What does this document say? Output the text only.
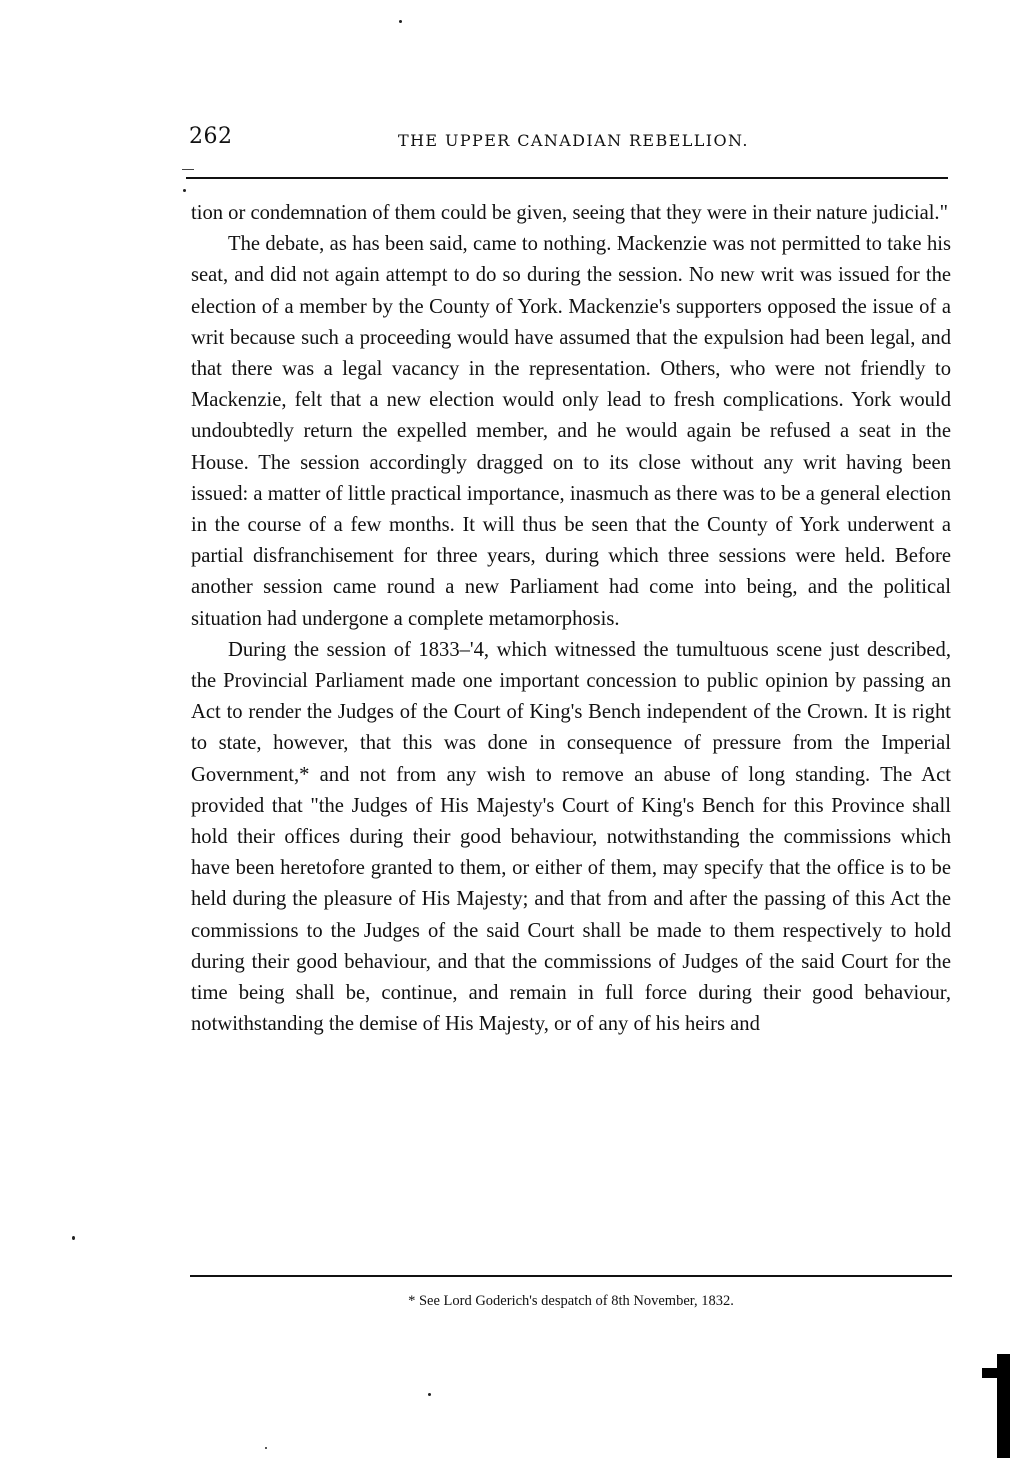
262	THE UPPER CANADIAN REBELLION.

tion or condemnation of them could be given, seeing that they were in their nature judicial."

The debate, as has been said, came to nothing. Mackenzie was not permitted to take his seat, and did not again attempt to do so during the session. No new writ was issued for the election of a member by the County of York. Mackenzie's supporters opposed the issue of a writ because such a proceeding would have assumed that the expulsion had been legal, and that there was a legal vacancy in the representation. Others, who were not friendly to Mackenzie, felt that a new election would only lead to fresh complications. York would undoubtedly return the expelled member, and he would again be refused a seat in the House. The session accordingly dragged on to its close without any writ having been issued: a matter of little practical importance, inasmuch as there was to be a general election in the course of a few months. It will thus be seen that the County of York underwent a partial disfranchisement for three years, during which three sessions were held. Before another session came round a new Parliament had come into being, and the political situation had undergone a complete metamorphosis.

During the session of 1833–'4, which witnessed the tumultuous scene just described, the Provincial Parliament made one important concession to public opinion by passing an Act to render the Judges of the Court of King's Bench independent of the Crown. It is right to state, however, that this was done in consequence of pressure from the Imperial Government,* and not from any wish to remove an abuse of long standing. The Act provided that "the Judges of His Majesty's Court of King's Bench for this Province shall hold their offices during their good behaviour, notwithstanding the commissions which have been heretofore granted to them, or either of them, may specify that the office is to be held during the pleasure of His Majesty; and that from and after the passing of this Act the commissions to the Judges of the said Court shall be made to them respectively to hold during their good behaviour, and that the commissions of Judges of the said Court for the time being shall be, continue, and remain in full force during their good behaviour, notwithstanding the demise of His Majesty, or of any of his heirs and

* See Lord Goderich's despatch of 8th November, 1832.
